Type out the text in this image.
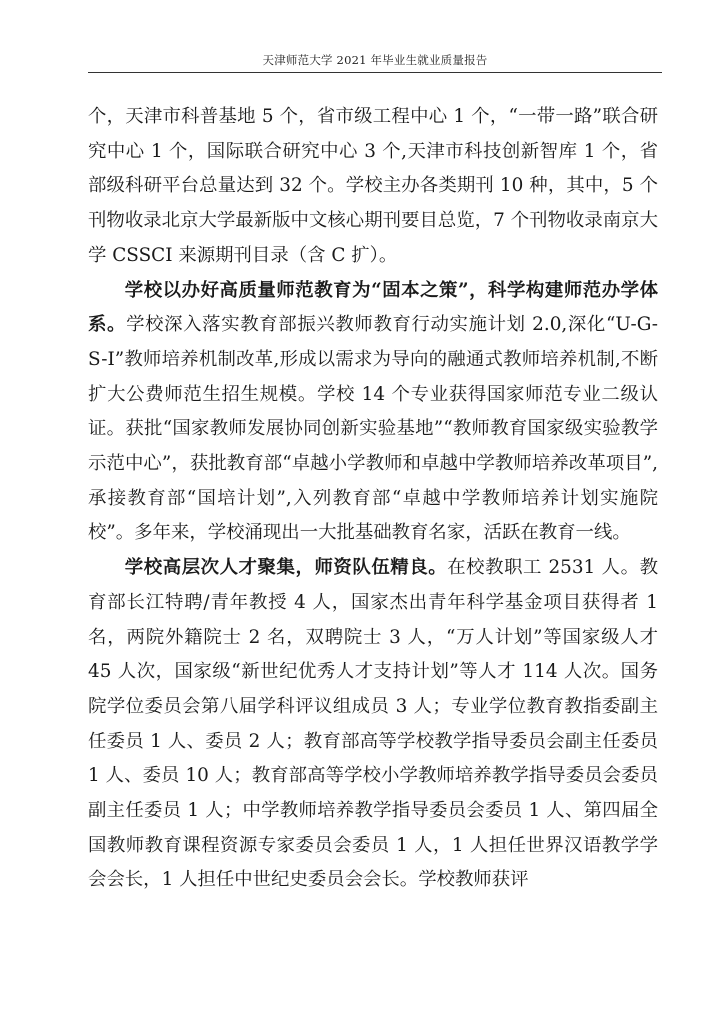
天津师范大学 2021 年毕业生就业质量报告

个，天津市科普基地 5 个，省市级工程中心 1 个，“一带一路”联合研究中心 1 个，国际联合研究中心 3 个,天津市科技创新智库 1 个，省部级科研平台总量达到 32 个。学校主办各类期刊 10 种，其中，5 个刊物收录北京大学最新版中文核心期刊要目总览，7 个刊物收录南京大学 CSSCI 来源期刊目录（含 C 扩）。

学校以办好高质量师范教育为“固本之策”，科学构建师范办学体系。学校深入落实教育部振兴教师教育行动实施计划 2.0,深化“U-G-S-I”教师培养机制改革,形成以需求为导向的融通式教师培养机制,不断扩大公费师范生招生规模。学校 14 个专业获得国家师范专业二级认证。获批“国家教师发展协同创新实验基地”“教师教育国家级实验教学示范中心”，获批教育部“卓越小学教师和卓越中学教师培养改革项目”,承接教育部“国培计划”,入列教育部“卓越中学教师培养计划实施院校”。多年来，学校涌现出一大批基础教育名家，活跃在教育一线。

学校高层次人才聚集，师资队伍精良。在校教职工 2531 人。教育部长江特聘/青年教授 4 人，国家杰出青年科学基金项目获得者 1 名，两院外籍院士 2 名，双聘院士 3 人，“万人计划”等国家级人才 45 人次，国家级“新世纪优秀人才支持计划”等人才 114 人次。国务院学位委员会第八届学科评议组成员 3 人；专业学位教育教指委副主任委员 1 人、委员 2 人；教育部高等学校教学指导委员会副主任委员 1 人、委员 10 人；教育部高等学校小学教师培养教学指导委员会委员副主任委员 1 人；中学教师培养教学指导委员会委员 1 人、第四届全国教师教育课程资源专家委员会委员 1 人，1 人担任世界汉语教学学会会长，1 人担任中世纪史委员会会长。学校教师获评
